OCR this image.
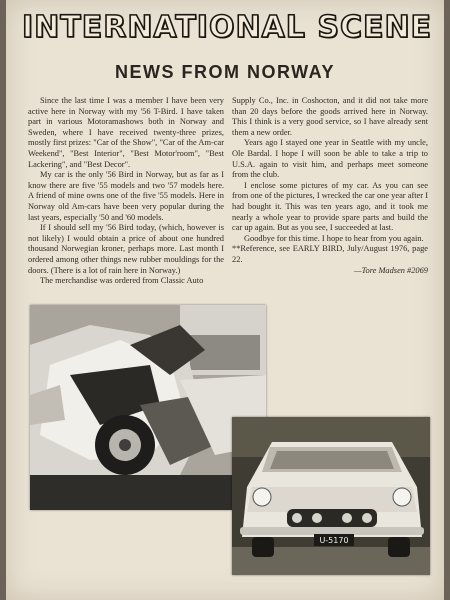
INTERNATIONAL SCENE
NEWS FROM NORWAY

Since the last time I was a member I have been very active here in Norway with my '56 T-Bird. I have taken part in various Motoramashows both in Norway and Sweden, where I have received twenty-three prizes, mostly first prizes: "Car of the Show", "Car of the Am-car Weekend", "Best Interior", "Best Motor'room", "Best Lackering", and "Best Decor".

My car is the only '56 Bird in Norway, but as far as I know there are five '55 models and two '57 models here. A friend of mine owns one of the five '55 models. Here in Norway old Am-cars have been very popular during the last years, especially '50 and '60 models.

If I should sell my '56 Bird today, (which, however is not likely) I would obtain a price of about one hundred thousand Norwegian kroner, perhaps more. Last month I ordered among other things new rubber mouldings for the doors. (There is a lot of rain here in Norway.)

The merchandise was ordered from Classic Auto

Supply Co., Inc. in Coshocton, and it did not take more than 20 days before the goods arrived here in Norway. This I think is a very good service, so I have already sent them a new order.

Years ago I stayed one year in Seattle with my uncle, Ole Bardal. I hope I will soon be able to take a trip to U.S.A. again to visit him, and perhaps meet someone from the club.

I enclose some pictures of my car. As you can see from one of the pictures, I wrecked the car one year after I had bought it. This was ten years ago, and it took me nearly a whole year to provide spare parts and build the car up again. But as you see, I succeeded at last.

Goodbye for this time. I hope to hear from you again.

**Reference, see EARLY BIRD, July/August 1976, page 22.

—Tore Madsen #2069

U-5170
